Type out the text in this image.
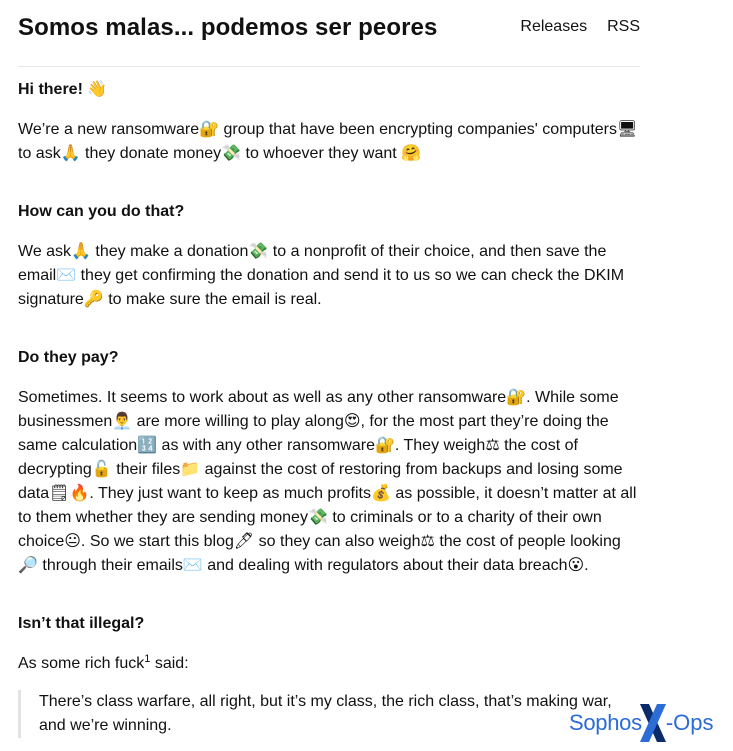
Somos malas... podemos ser peores	Releases RSS
Hi there! 👋

We’re a new ransomware🔐 group that have been encrypting companies' computers🖥 to ask🙏 they donate money💸 to whoever they want 🤗

How can you do that?

We ask🙏 they make a donation💸 to a nonprofit of their choice, and then save the email✉️ they get confirming the donation and send it to us so we can check the DKIM signature🔑 to make sure the email is real.

Do they pay?

Sometimes. It seems to work about as well as any other ransomware🔐. While some businessmen👨‍💼 are more willing to play along😍, for the most part they’re doing the same calculation🔢 as with any other ransomware🔐. They weigh⚖ the cost of decrypting🔓 their files📁 against the cost of restoring from backups and losing some data🗒🔥. They just want to keep as much profits💰 as possible, it doesn’t matter at all to them whether they are sending money💸 to criminals or to a charity of their own choice😐. So we start this blog🖊 so they can also weigh⚖ the cost of people looking🔎 through their emails✉️ and dealing with regulators about their data breach😮.

Isn’t that illegal?

As some rich fuck$^1$ said:

There’s class warfare, all right, but it’s my class, the rich class, that’s making war, and we’re winning.	Sophos -Ops
